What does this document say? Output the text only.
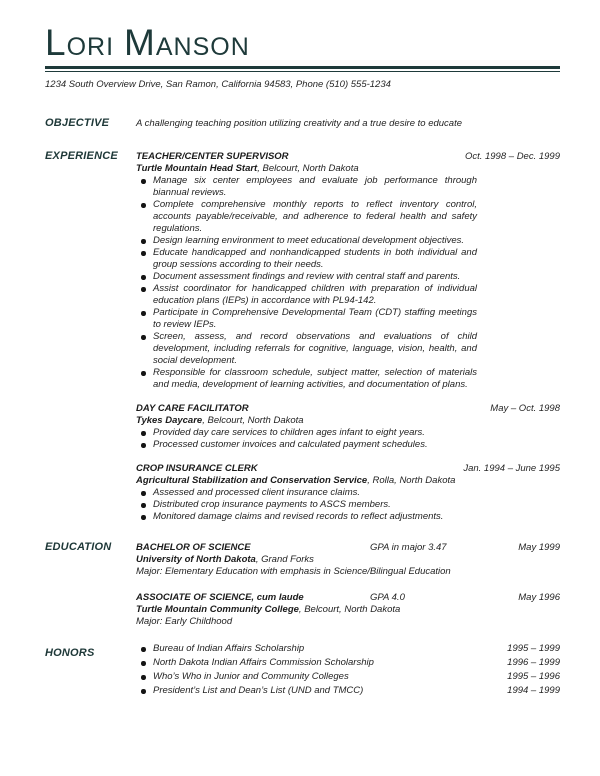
LORI MANSON
1234 South Overview Drive, San Ramon, California 94583, Phone (510) 555-1234
OBJECTIVE	A challenging teaching position utilizing creativity and a true desire to educate
EXPERIENCE	TEACHER/CENTER SUPERVISOR	Oct. 1998 – Dec. 1999
Turtle Mountain Head Start, Belcourt, North Dakota
Manage six center employees and evaluate job performance through biannual reviews.
Complete comprehensive monthly reports to reflect inventory control, accounts payable/receivable, and adherence to federal health and safety regulations.
Design learning environment to meet educational development objectives.
Educate handicapped and nonhandicapped students in both individual and group sessions according to their needs.
Document assessment findings and review with central staff and parents.
Assist coordinator for handicapped children with preparation of individual education plans (IEPs) in accordance with PL94-142.
Participate in Comprehensive Developmental Team (CDT) staffing meetings to review IEPs.
Screen, assess, and record observations and evaluations of child development, including referrals for cognitive, language, vision, health, and social development.
Responsible for classroom schedule, subject matter, selection of materials and media, development of learning activities, and documentation of plans.
DAY CARE FACILITATOR	May – Oct. 1998
Tykes Daycare, Belcourt, North Dakota
Provided day care services to children ages infant to eight years.
Processed customer invoices and calculated payment schedules.
CROP INSURANCE CLERK	Jan. 1994 – June 1995
Agricultural Stabilization and Conservation Service, Rolla, North Dakota
Assessed and processed client insurance claims.
Distributed crop insurance payments to ASCS members.
Monitored damage claims and revised records to reflect adjustments.
EDUCATION	BACHELOR OF SCIENCE	GPA in major 3.47	May 1999
University of North Dakota, Grand Forks
Major: Elementary Education with emphasis in Science/Bilingual Education
ASSOCIATE OF SCIENCE, cum laude	GPA 4.0	May 1996
Turtle Mountain Community College, Belcourt, North Dakota
Major: Early Childhood
HONORS	Bureau of Indian Affairs Scholarship	1995 – 1999
North Dakota Indian Affairs Commission Scholarship	1996 – 1999
Who’s Who in Junior and Community Colleges	1995 – 1996
President’s List and Dean’s List (UND and TMCC)	1994 – 1999
